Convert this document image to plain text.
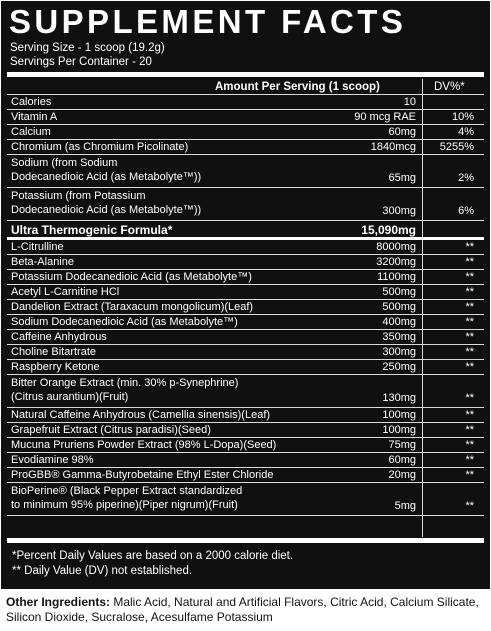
SUPPLEMENT FACTS
Serving Size - 1 scoop (19.2g)
Servings Per Container - 20
Amount Per Serving (1 scoop)	DV%*
Calories	10
Vitamin A	90 mcg RAE	10%
Calcium	60mg	4%
Chromium (as Chromium Picolinate)	1840mcg	5255%
Sodium (from Sodium
Dodecanedioic Acid (as Metabolyte™))	65mg	2%
Potassium (from Potassium
Dodecanedioic Acid (as Metabolyte™))	300mg	6%
Ultra Thermogenic Formula*	15,090mg
L-Citrulline	8000mg	**
Beta-Alanine	3200mg	**
Potassium Dodecanedioic Acid (as Metabolyte™)	1100mg	**
Acetyl L-Carnitine HCl	500mg	**
Dandelion Extract (Taraxacum mongolicum)(Leaf)	500mg	**
Sodium Dodecanedioic Acid (as Metabolyte™)	400mg	**
Caffeine Anhydrous	350mg	**
Choline Bitartrate	300mg	**
Raspberry Ketone	250mg	**
Bitter Orange Extract (min. 30% p-Synephrine)
(Citrus aurantium)(Fruit)	130mg	**
Natural Caffeine Anhydrous (Camellia sinensis)(Leaf)	100mg	**
Grapefruit Extract (Citrus paradisi)(Seed)	100mg	**
Mucuna Pruriens Powder Extract (98% L-Dopa)(Seed)	75mg	**
Evodiamine 98%	60mg	**
ProGBB® Gamma-Butyrobetaine Ethyl Ester Chloride	20mg	**
BioPerine® (Black Pepper Extract standardized
to minimum 95% piperine)(Piper nigrum)(Fruit)	5mg	**
*Percent Daily Values are based on a 2000 calorie diet.
** Daily Value (DV) not established.
Other Ingredients: Malic Acid, Natural and Artificial Flavors, Citric Acid, Calcium Silicate, Silicon Dioxide, Sucralose, Acesulfame Potassium
